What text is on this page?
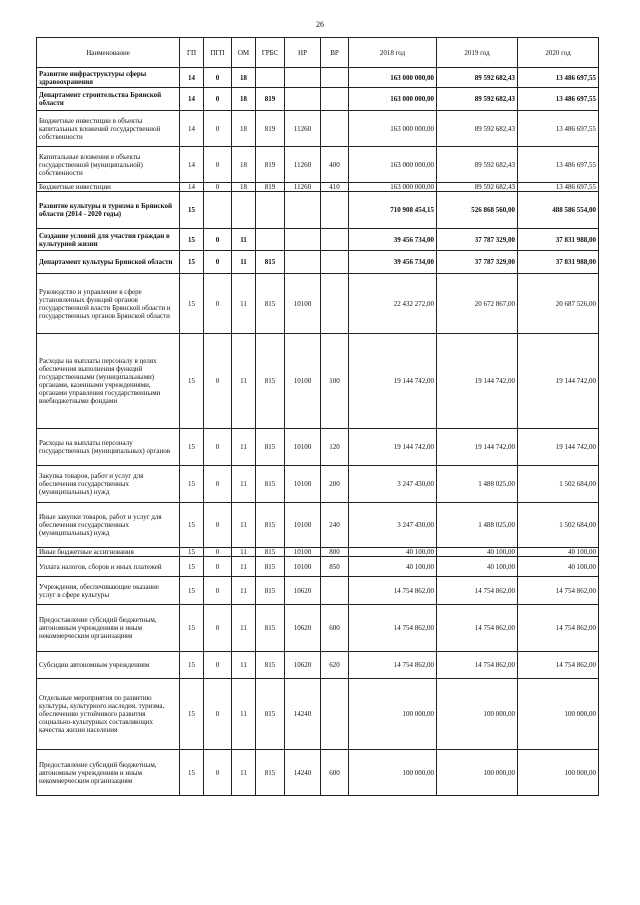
26
Наименование	ГП	ПГП	ОМ	ГРБС	НР	ВР	2018 год	2019 год	2020 год
Развитие инфраструктуры сферы здравоохранения	14	0	18				163 000 000,00	89 592 682,43	13 486 697,55
Департамент строительства Брянской области	14	0	18	819			163 000 000,00	89 592 682,43	13 486 697,55
Бюджетные инвестиции в объекты капитальных вложений государственной собственности	14	0	18	819	11260		163 000 000,00	89 592 682,43	13 486 697,55
Капитальные вложения в объекты государственной (муниципальной) собственности	14	0	18	819	11260	400	163 000 000,00	89 592 682,43	13 486 697,55
Бюджетные инвестиции	14	0	18	819	11260	410	163 000 000,00	89 592 682,43	13 486 697,55
Развитие культуры и туризма в Брянской области (2014 - 2020 годы)	15						710 908 454,15	526 868 560,00	488 586 554,00
Создание условий для участия граждан в культурной жизни	15	0	11				39 456 734,00	37 787 329,00	37 831 988,00
Департамент культуры Брянской области	15	0	11	815			39 456 734,00	37 787 329,00	37 831 988,00
Руководство и управление в сфере установленных функций органов государственной власти Брянской области и государственных органов Брянской области	15	0	11	815	10100		22 432 272,00	20 672 867,00	20 687 526,00
Расходы на выплаты персоналу в целях обеспечения выполнения функций государственными (муниципальными) органами, казенными учреждениями, органами управления государственными внебюджетными фондами	15	0	11	815	10100	100	19 144 742,00	19 144 742,00	19 144 742,00
Расходы на выплаты персоналу государственных (муниципальных) органов	15	0	11	815	10100	120	19 144 742,00	19 144 742,00	19 144 742,00
Закупка товаров, работ и услуг для обеспечения государственных (муниципальных) нужд	15	0	11	815	10100	200	3 247 430,00	1 488 025,00	1 502 684,00
Иные закупки товаров, работ и услуг для обеспечения государственных (муниципальных) нужд	15	0	11	815	10100	240	3 247 430,00	1 488 025,00	1 502 684,00
Иные бюджетные ассигнования	15	0	11	815	10100	800	40 100,00	40 100,00	40 100,00
Уплата налогов, сборов и иных платежей	15	0	11	815	10100	850	40 100,00	40 100,00	40 100,00
Учреждения, обеспечивающие оказание услуг в сфере культуры	15	0	11	815	10620		14 754 862,00	14 754 862,00	14 754 862,00
Предоставление субсидий бюджетным, автономным учреждениям и иным некоммерческим организациям	15	0	11	815	10620	600	14 754 862,00	14 754 862,00	14 754 862,00
Субсидии автономным учреждениям	15	0	11	815	10620	620	14 754 862,00	14 754 862,00	14 754 862,00
Отдельные мероприятия по развитию культуры, культурного наследия, туризма, обеспечению устойчивого развития социально-культурных составляющих качества жизни населения	15	0	11	815	14240		100 000,00	100 000,00	100 000,00
Предоставление субсидий бюджетным, автономным учреждениям и иным некоммерческим организациям	15	0	11	815	14240	600	100 000,00	100 000,00	100 000,00
